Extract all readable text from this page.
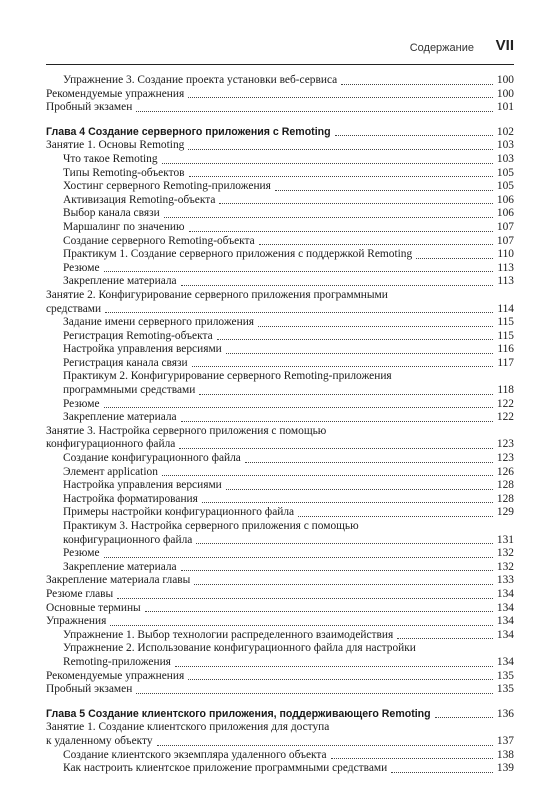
Содержание VII
Упражнение 3. Создание проекта установки веб-сервиса	100
Рекомендуемые упражнения	100
Пробный экзамен	101
Глава 4 Создание серверного приложения с Remoting	102
Занятие 1. Основы Remoting	103
Что такое Remoting	103
Типы Remoting-объектов	105
Хостинг серверного Remoting-приложения	105
Активизация Remoting-объекта	106
Выбор канала связи	106
Маршалинг по значению	107
Создание серверного Remoting-объекта	107
Практикум 1. Создание серверного приложения с поддержкой Remoting	110
Резюме	113
Закрепление материала	113
Занятие 2. Конфигурирование серверного приложения программными
средствами	114
Задание имени серверного приложения	115
Регистрация Remoting-объекта	115
Настройка управления версиями	116
Регистрация канала связи	117
Практикум 2. Конфигурирование серверного Remoting-приложения
программными средствами	118
Резюме	122
Закрепление материала	122
Занятие 3. Настройка серверного приложения с помощью
конфигурационного файла	123
Создание конфигурационного файла	123
Элемент application	126
Настройка управления версиями	128
Настройка форматирования	128
Примеры настройки конфигурационного файла	129
Практикум 3. Настройка серверного приложения с помощью
конфигурационного файла	131
Резюме	132
Закрепление материала	132
Закрепление материала главы	133
Резюме главы	134
Основные термины	134
Упражнения	134
Упражнение 1. Выбор технологии распределенного взаимодействия	134
Упражнение 2. Использование конфигурационного файла для настройки
Remoting-приложения	134
Рекомендуемые упражнения	135
Пробный экзамен	135
Глава 5 Создание клиентского приложения, поддерживающего Remoting	136
Занятие 1. Создание клиентского приложения для доступа
к удаленному объекту	137
Создание клиентского экземпляра удаленного объекта	138
Как настроить клиентское приложение программными средствами	139
